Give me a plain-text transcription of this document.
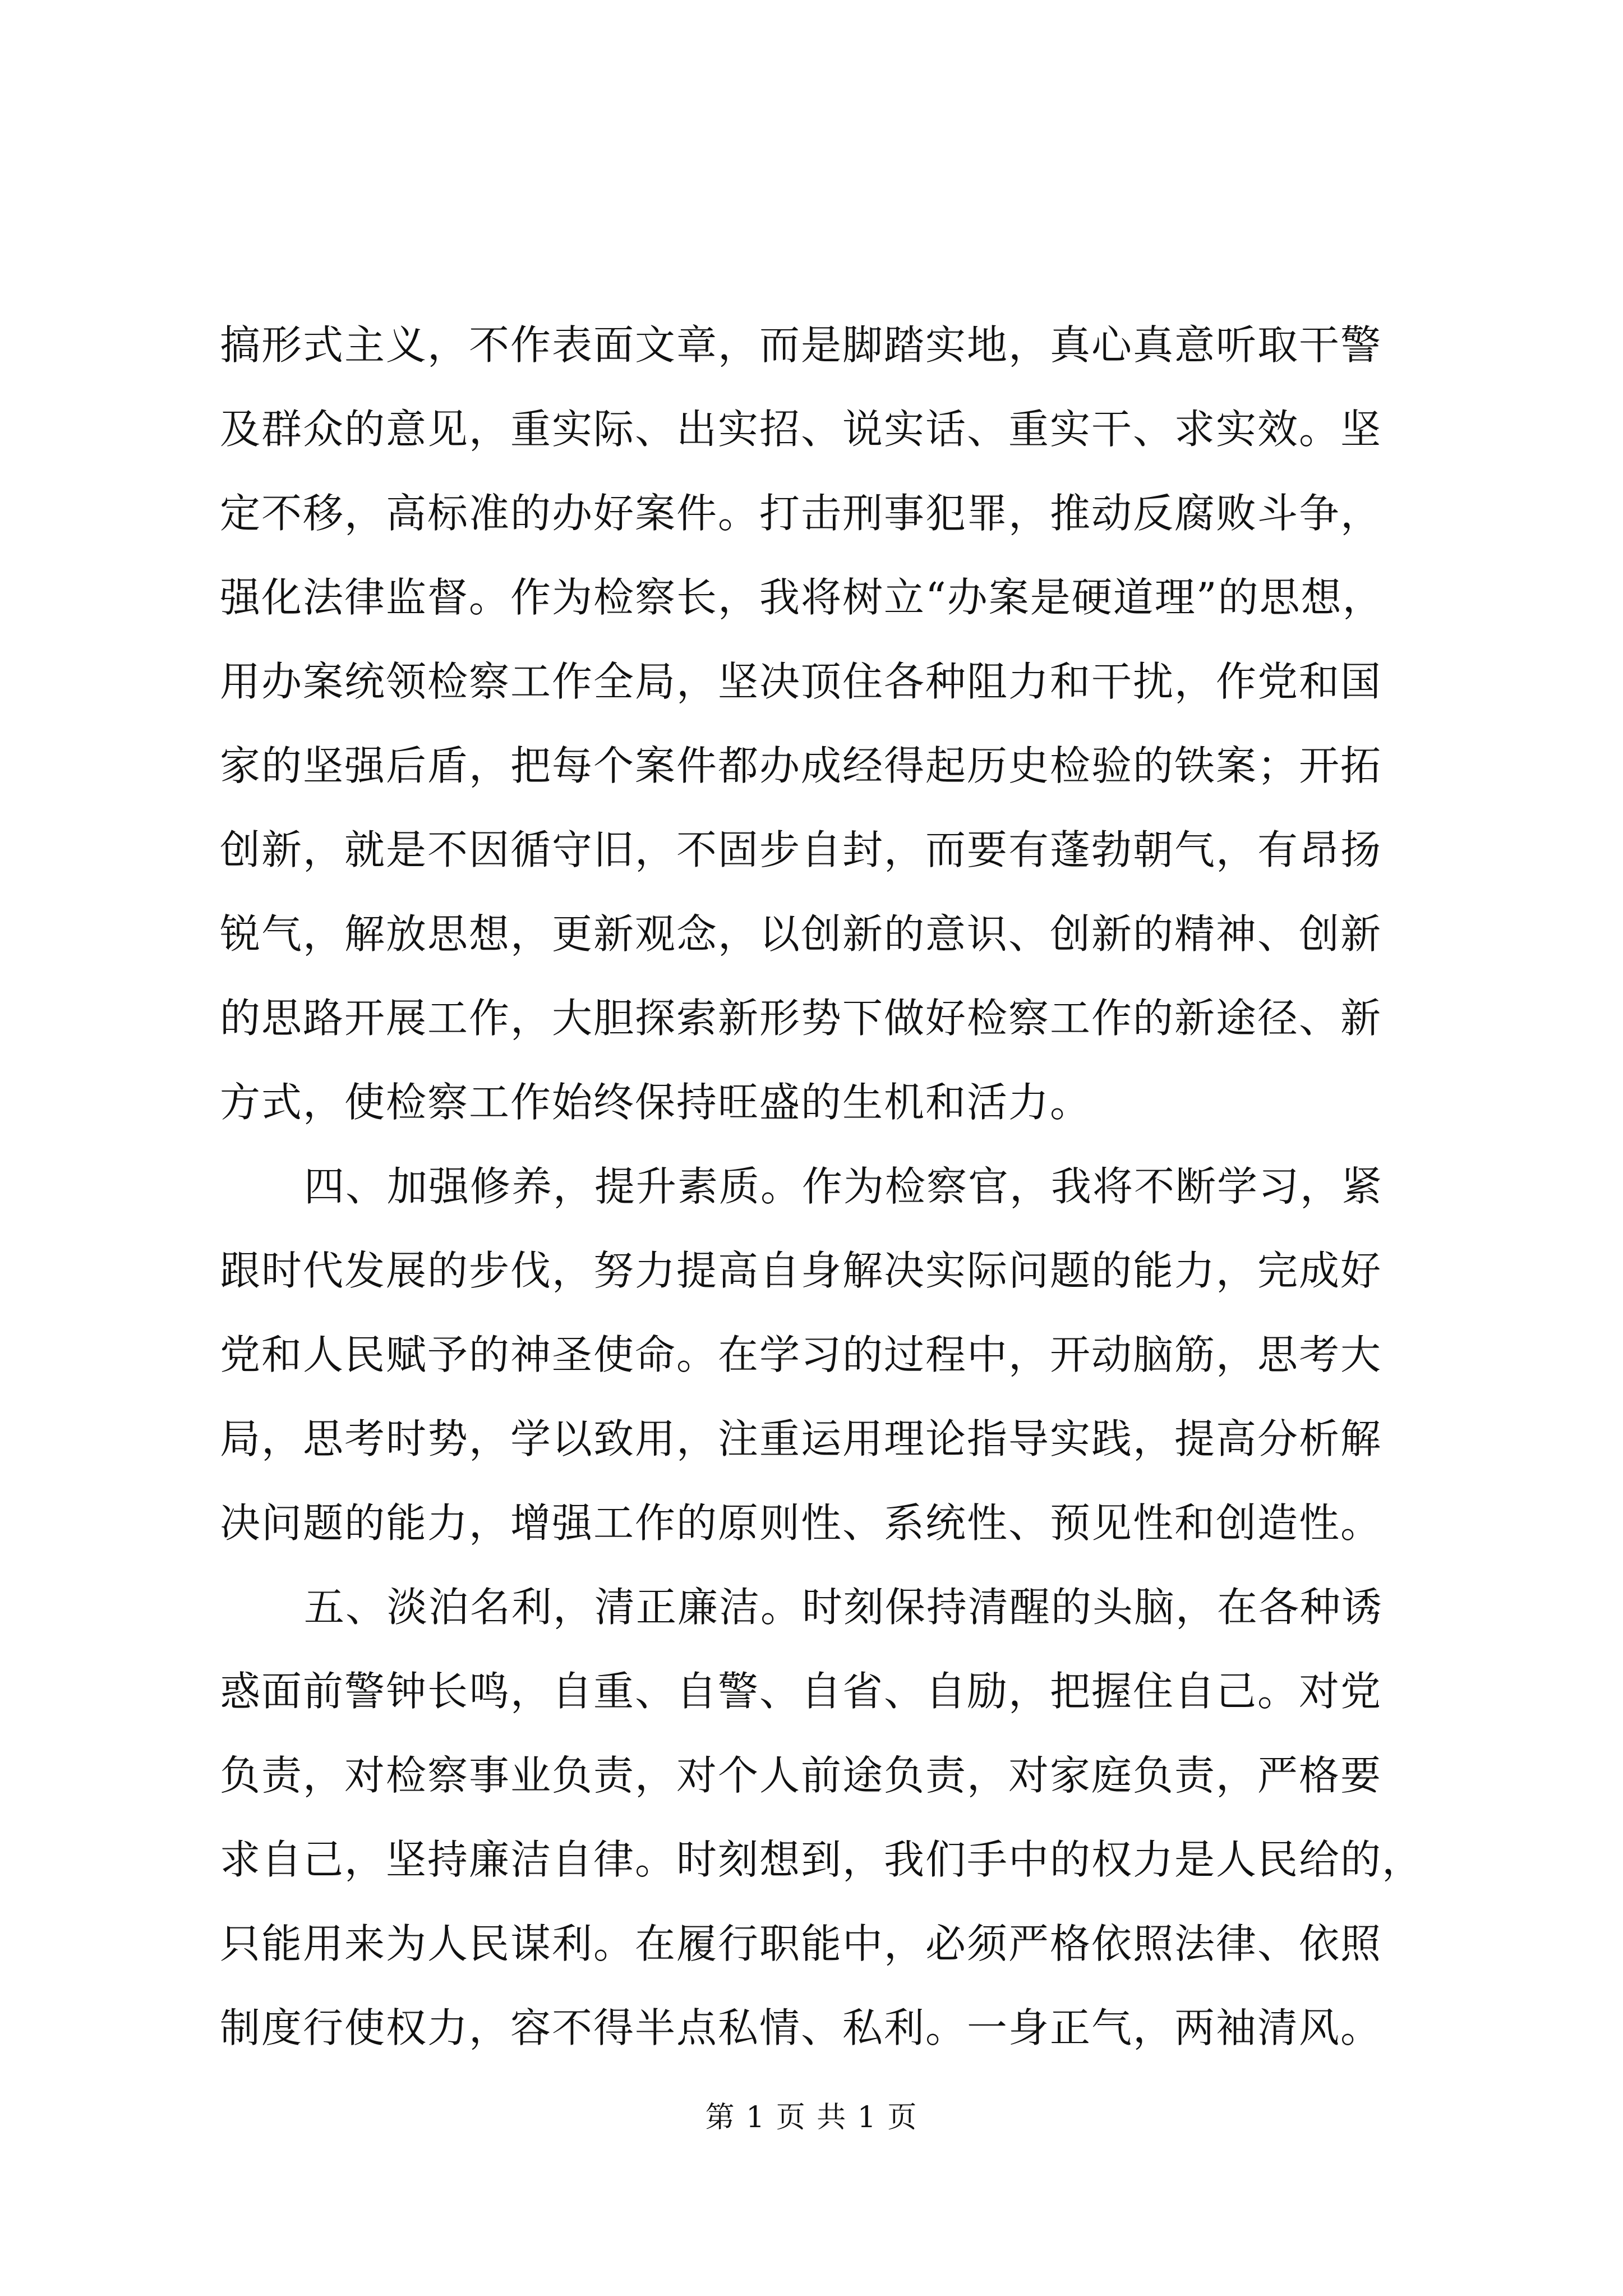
搞形式主义，不作表面文章，而是脚踏实地，真心真意听取干警
及群众的意见，重实际、出实招、说实话、重实干、求实效。坚
定不移，高标准的办好案件。打击刑事犯罪，推动反腐败斗争，
强化法律监督。作为检察长，我将树立“办案是硬道理”的思想，
用办案统领检察工作全局，坚决顶住各种阻力和干扰，作党和国
家的坚强后盾，把每个案件都办成经得起历史检验的铁案；开拓
创新，就是不因循守旧，不固步自封，而要有蓬勃朝气，有昂扬
锐气，解放思想，更新观念，以创新的意识、创新的精神、创新
的思路开展工作，大胆探索新形势下做好检察工作的新途径、新
方式，使检察工作始终保持旺盛的生机和活力。
四、加强修养，提升素质。作为检察官，我将不断学习，紧
跟时代发展的步伐，努力提高自身解决实际问题的能力，完成好
党和人民赋予的神圣使命。在学习的过程中，开动脑筋，思考大
局，思考时势，学以致用，注重运用理论指导实践，提高分析解
决问题的能力，增强工作的原则性、系统性、预见性和创造性。
五、淡泊名利，清正廉洁。时刻保持清醒的头脑，在各种诱
惑面前警钟长鸣，自重、自警、自省、自励，把握住自己。对党
负责，对检察事业负责，对个人前途负责，对家庭负责，严格要
求自己，坚持廉洁自律。时刻想到，我们手中的权力是人民给的，
只能用来为人民谋利。在履行职能中，必须严格依照法律、依照
制度行使权力，容不得半点私情、私利。一身正气，两袖清风。
第 1 页 共 1 页
